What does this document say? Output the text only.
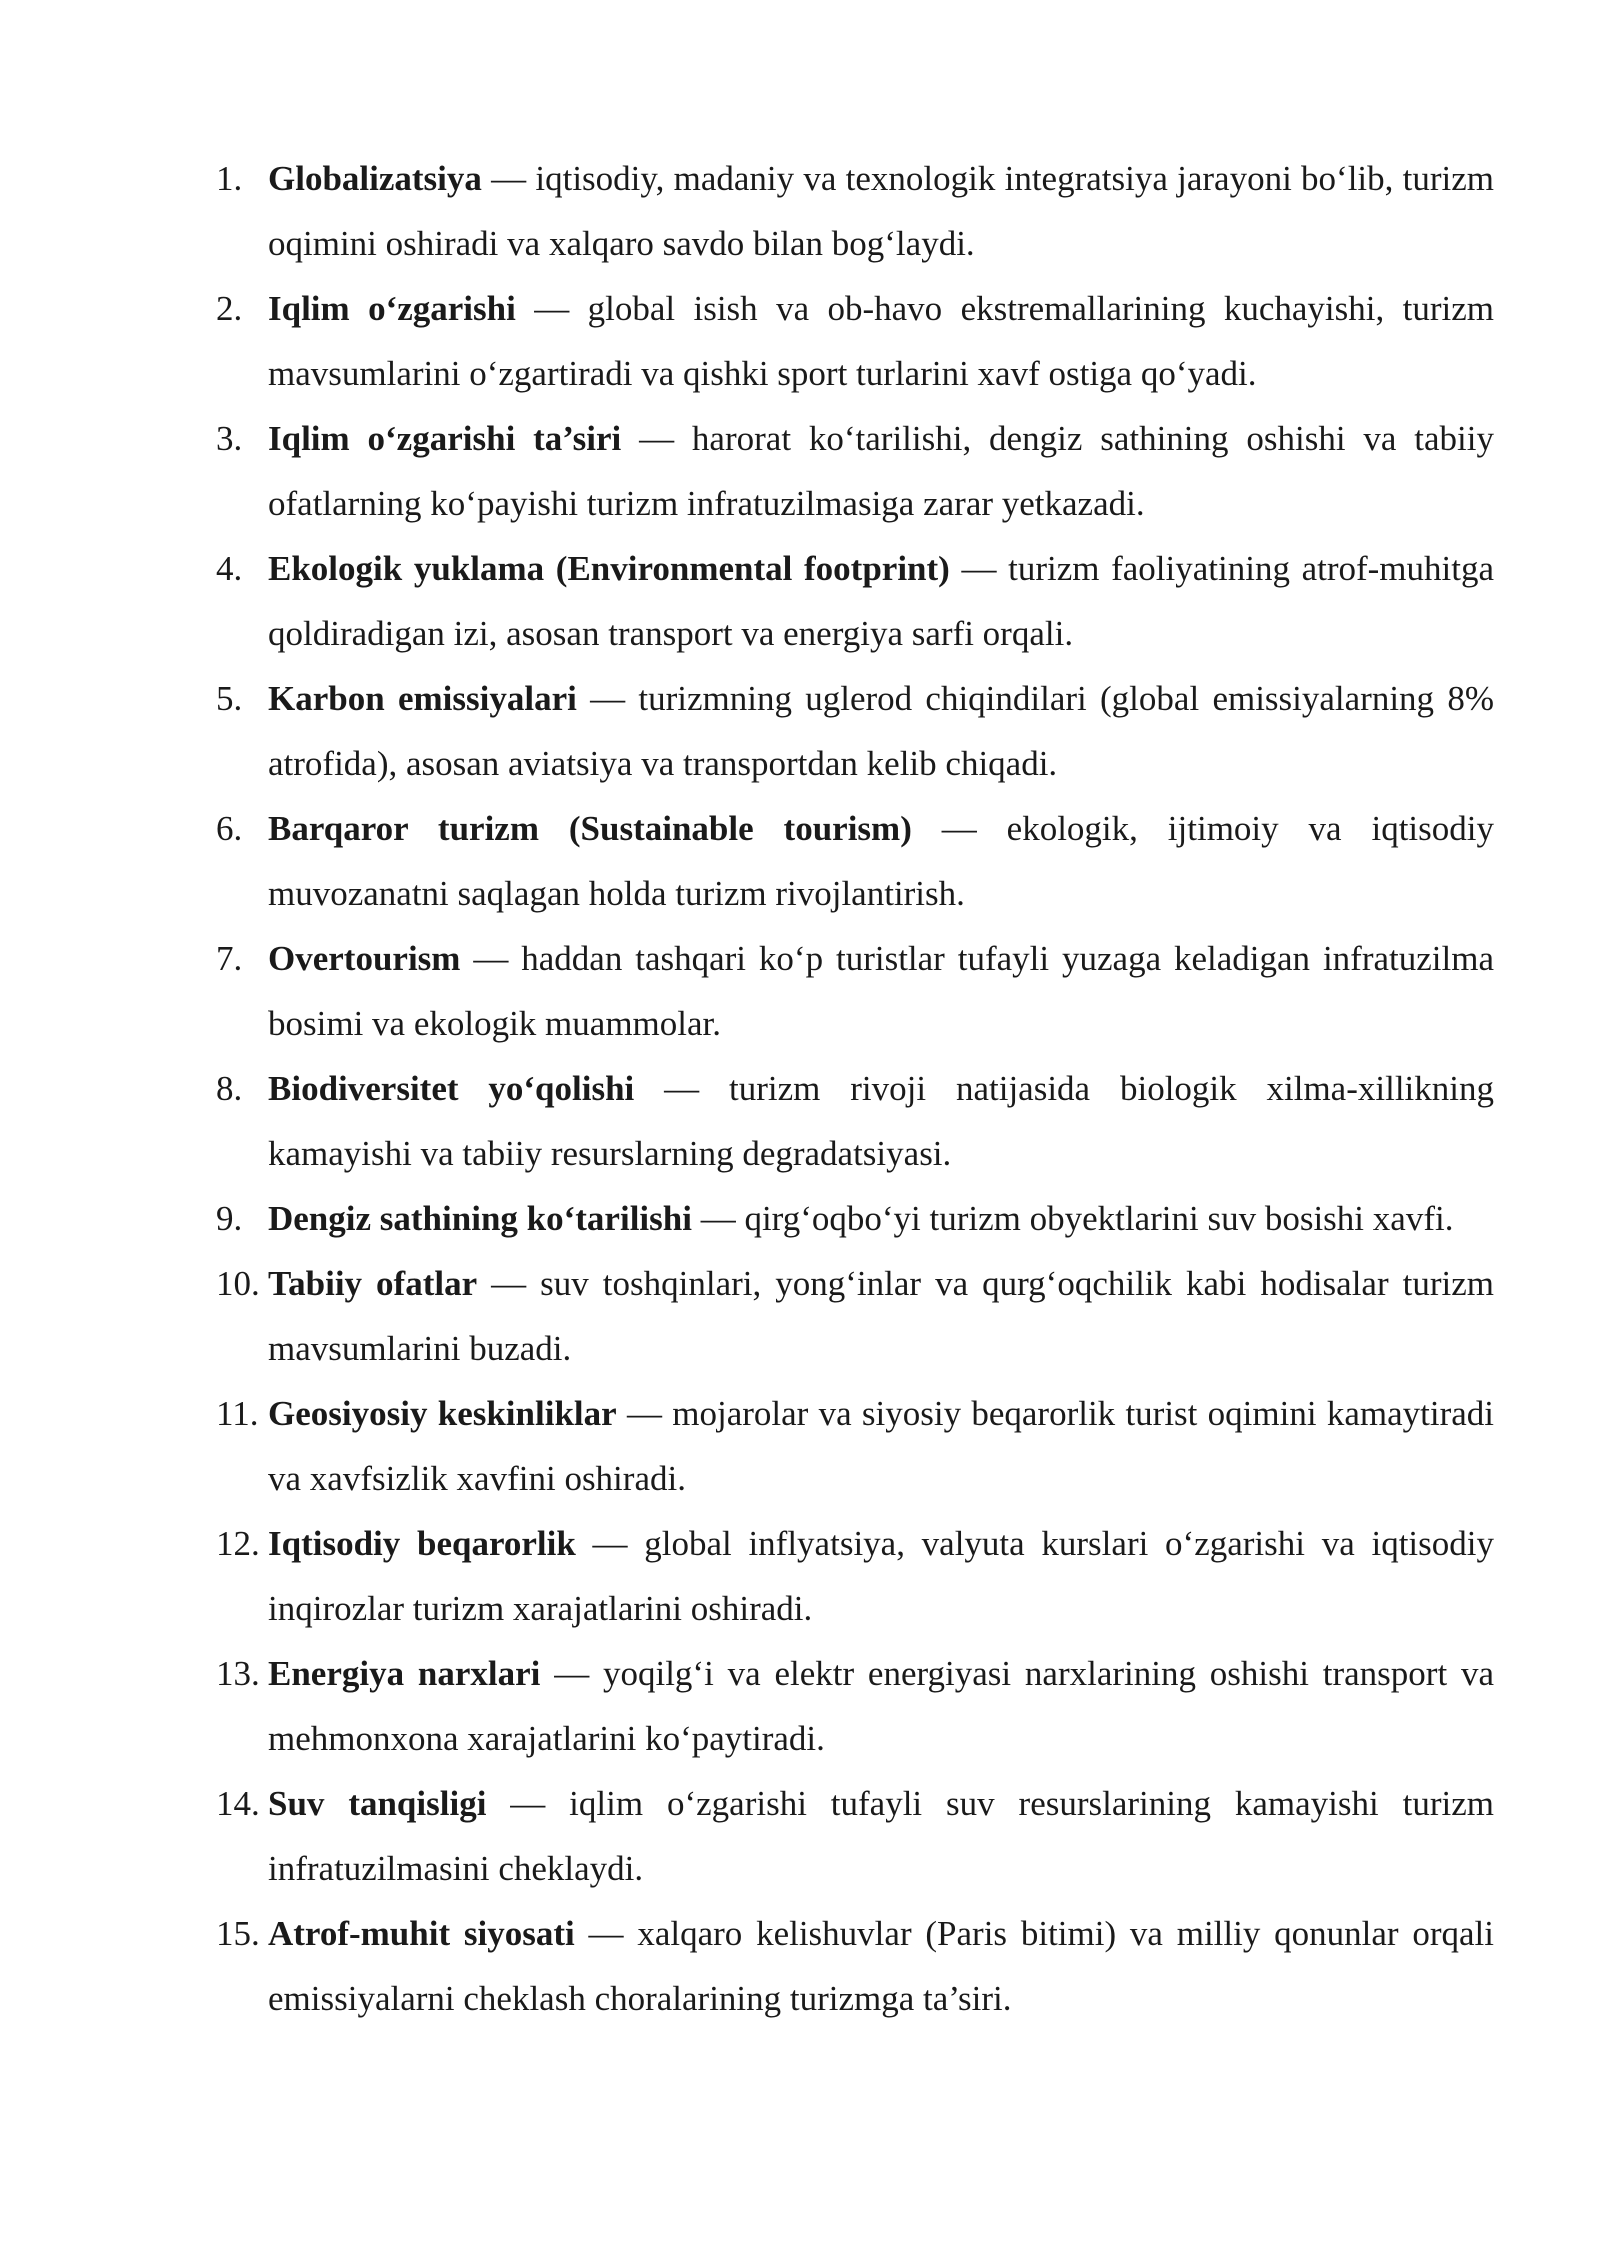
1. Globalizatsiya — iqtisodiy, madaniy va texnologik integratsiya jarayoni bo‘lib, turizm oqimini oshiradi va xalqaro savdo bilan bog‘laydi.
2. Iqlim o‘zgarishi — global isish va ob-havo ekstremallarining kuchayishi, turizm mavsumlarini o‘zgartiradi va qishki sport turlarini xavf ostiga qo‘yadi.
3. Iqlim o‘zgarishi ta’siri — harorat ko‘tarilishi, dengiz sathining oshishi va tabiiy ofatlarning ko‘payishi turizm infratuzilmasiga zarar yetkazadi.
4. Ekologik yuklama (Environmental footprint) — turizm faoliyatining atrof-muhitga qoldiradigan izi, asosan transport va energiya sarfi orqali.
5. Karbon emissiyalari — turizmning uglerod chiqindilari (global emissiyalarning 8% atrofida), asosan aviatsiya va transportdan kelib chiqadi.
6. Barqaror turizm (Sustainable tourism) — ekologik, ijtimoiy va iqtisodiy muvozanatni saqlagan holda turizm rivojlantirish.
7. Overtourism — haddan tashqari ko‘p turistlar tufayli yuzaga keladigan infratuzilma bosimi va ekologik muammolar.
8. Biodiversitet yo‘qolishi — turizm rivoji natijasida biologik xilma-xillikning kamayishi va tabiiy resurslarning degradatsiyasi.
9. Dengiz sathining ko‘tarilishi — qirg‘oqbo‘yi turizm obyektlarini suv bosishi xavfi.
10. Tabiiy ofatlar — suv toshqinlari, yong‘inlar va qurg‘oqchilik kabi hodisalar turizm mavsumlarini buzadi.
11. Geosiyosiy keskinliklar — mojarolar va siyosiy beqarorlik turist oqimini kamaytiradi va xavfsizlik xavfini oshiradi.
12. Iqtisodiy beqarorlik — global inflyatsiya, valyuta kurslari o‘zgarishi va iqtisodiy inqirozlar turizm xarajatlarini oshiradi.
13. Energiya narxlari — yoqilg‘i va elektr energiyasi narxlarining oshishi transport va mehmonxona xarajatlarini ko‘paytiradi.
14. Suv tanqisligi — iqlim o‘zgarishi tufayli suv resurslarining kamayishi turizm infratuzilmasini cheklaydi.
15. Atrof-muhit siyosati — xalqaro kelishuvlar (Paris bitimi) va milliy qonunlar orqali emissiyalarni cheklash choralarining turizmga ta’siri.
